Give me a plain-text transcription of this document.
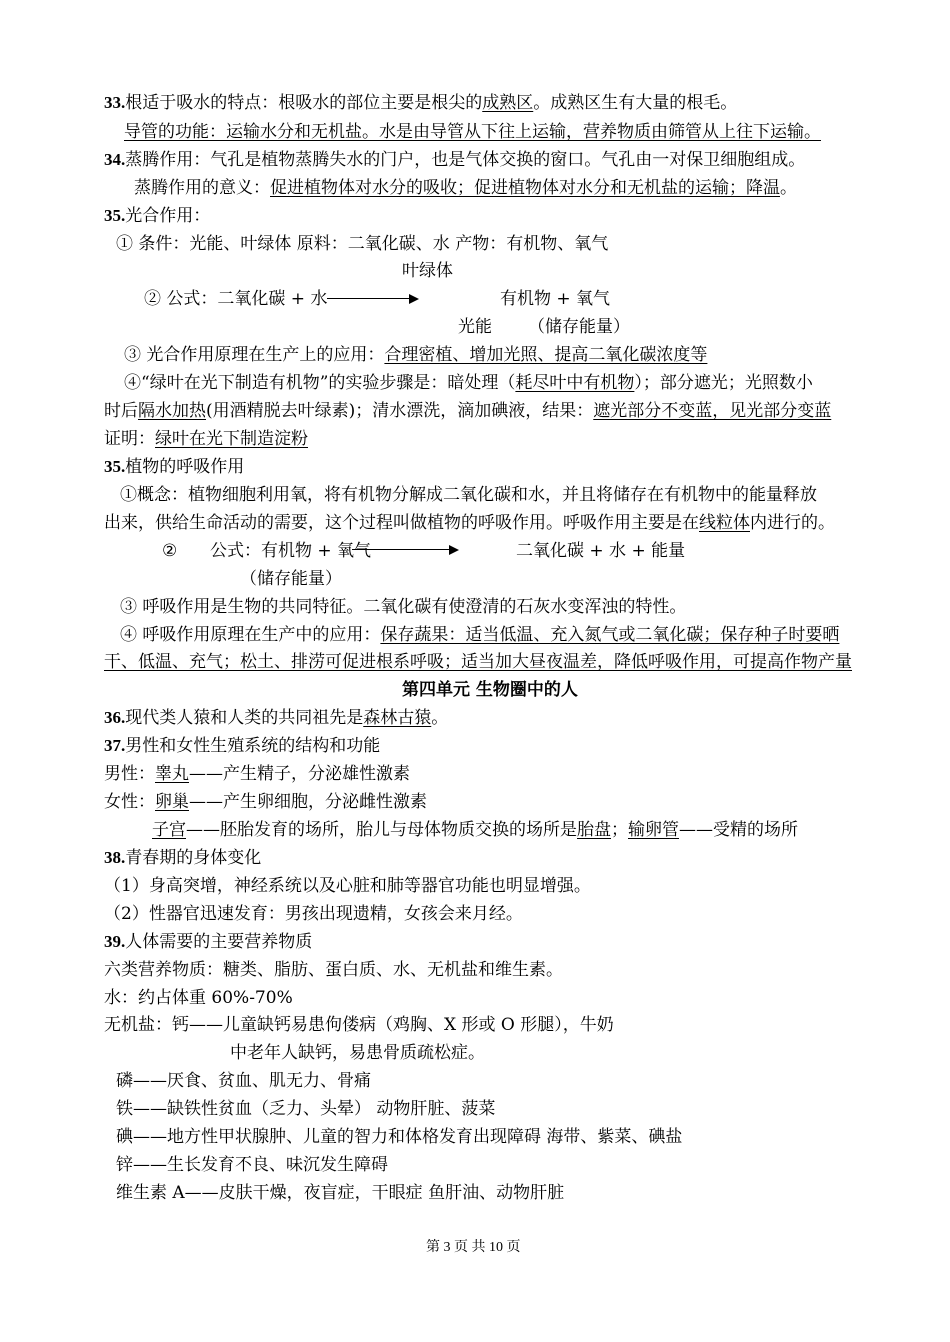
33.根适于吸水的特点：根吸水的部位主要是根尖的成熟区。成熟区生有大量的根毛。
导管的功能：运输水分和无机盐。水是由导管从下往上运输，营养物质由筛管从上往下运输。
34.蒸腾作用：气孔是植物蒸腾失水的门户，也是气体交换的窗口。气孔由一对保卫细胞组成。
蒸腾作用的意义：促进植物体对水分的吸收；促进植物体对水分和无机盐的运输；降温。
35.光合作用：
① 条件：光能、叶绿体 原料：二氧化碳、水 产物：有机物、氧气
叶绿体
② 公式：二氧化碳 + 水	有机物 + 氧气
光能 （储存能量）
③ 光合作用原理在生产上的应用：合理密植、增加光照、提高二氧化碳浓度等
④“绿叶在光下制造有机物”的实验步骤是：暗处理（耗尽叶中有机物）；部分遮光；光照数小
时后隔水加热(用酒精脱去叶绿素)；清水漂洗，滴加碘液，结果：遮光部分不变蓝，见光部分变蓝
证明：绿叶在光下制造淀粉
35.植物的呼吸作用
①概念：植物细胞利用氧，将有机物分解成二氧化碳和水，并且将储存在有机物中的能量释放
出来，供给生命活动的需要，这个过程叫做植物的呼吸作用。呼吸作用主要是在线粒体内进行的。
② 公式：有机物 + 氧气	二氧化碳 + 水 + 能量
（储存能量）
③ 呼吸作用是生物的共同特征。二氧化碳有使澄清的石灰水变浑浊的特性。
④ 呼吸作用原理在生产中的应用：保存蔬果：适当低温、充入氮气或二氧化碳；保存种子时要晒
干、低温、充气；松土、排涝可促进根系呼吸；适当加大昼夜温差，降低呼吸作用，可提高作物产量
第四单元 生物圈中的人
36.现代类人猿和人类的共同祖先是森林古猿。
37.男性和女性生殖系统的结构和功能
男性：睾丸——产生精子，分泌雄性激素
女性：卵巢——产生卵细胞，分泌雌性激素
子宫——胚胎发育的场所，胎儿与母体物质交换的场所是胎盘；输卵管——受精的场所
38.青春期的身体变化
（1）身高突增，神经系统以及心脏和肺等器官功能也明显增强。
（2）性器官迅速发育：男孩出现遗精，女孩会来月经。
39.人体需要的主要营养物质
六类营养物质：糖类、脂肪、蛋白质、水、无机盐和维生素。
水：约占体重 60%-70%
无机盐：钙——儿童缺钙易患佝偻病（鸡胸、X 形或 O 形腿），牛奶
中老年人缺钙，易患骨质疏松症。
磷——厌食、贫血、肌无力、骨痛
铁——缺铁性贫血（乏力、头晕） 动物肝脏、菠菜
碘——地方性甲状腺肿、儿童的智力和体格发育出现障碍 海带、紫菜、碘盐
锌——生长发育不良、味沉发生障碍
维生素 A——皮肤干燥，夜盲症，干眼症 鱼肝油、动物肝脏
第 3 页 共 10 页
